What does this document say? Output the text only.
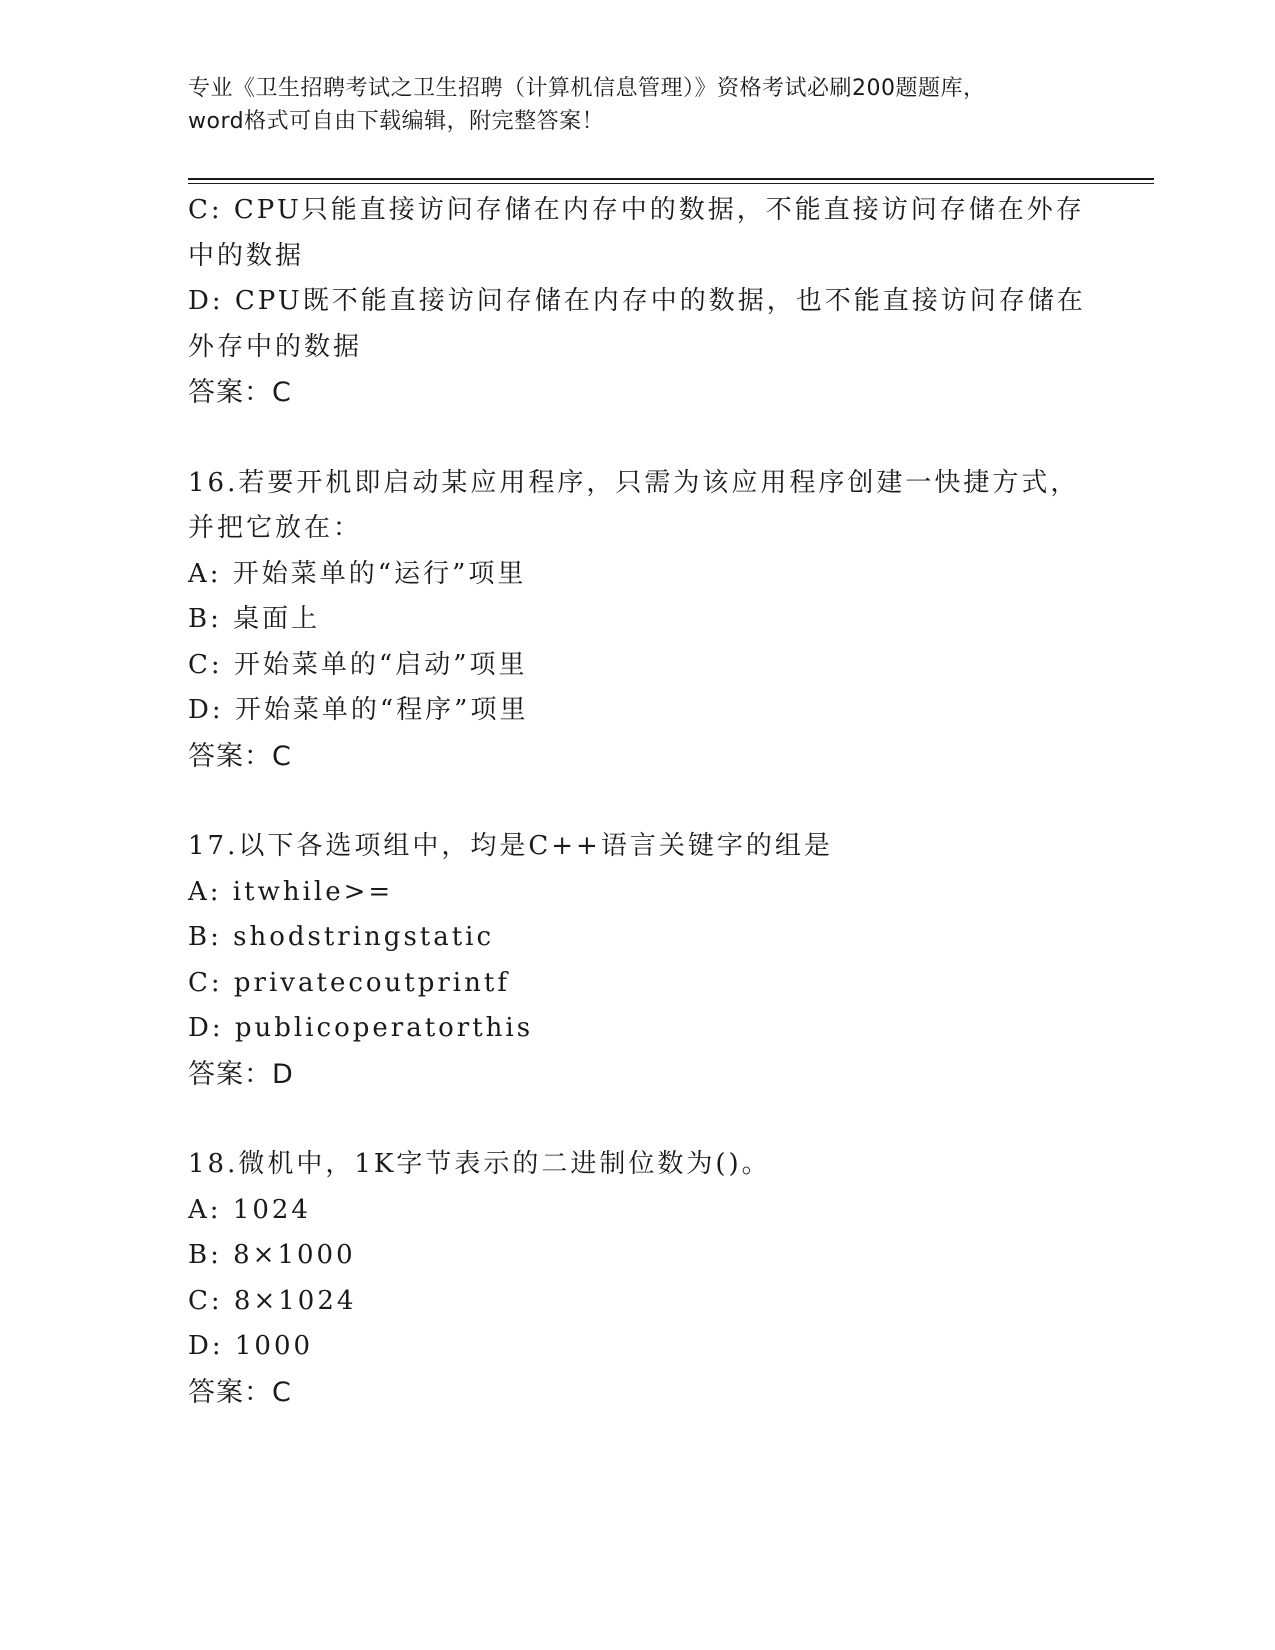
专业《卫生招聘考试之卫生招聘（计算机信息管理）》资格考试必刷200题题库，
word格式可自由下载编辑，附完整答案！
C: CPU只能直接访问存储在内存中的数据，不能直接访问存储在外存
中的数据
D: CPU既不能直接访问存储在内存中的数据，也不能直接访问存储在
外存中的数据
答案：C
16.若要开机即启动某应用程序，只需为该应用程序创建一快捷方式，
并把它放在：
A: 开始菜单的“运行”项里
B: 桌面上
C: 开始菜单的“启动”项里
D: 开始菜单的“程序”项里
答案：C
17.以下各选项组中，均是C++语言关键字的组是
A: itwhile>=
B: shodstringstatic
C: privatecoutprintf
D: publicoperatorthis
答案：D
18.微机中，1K字节表示的二进制位数为()。
A: 1024
B: 8×1000
C: 8×1024
D: 1000
答案：C
